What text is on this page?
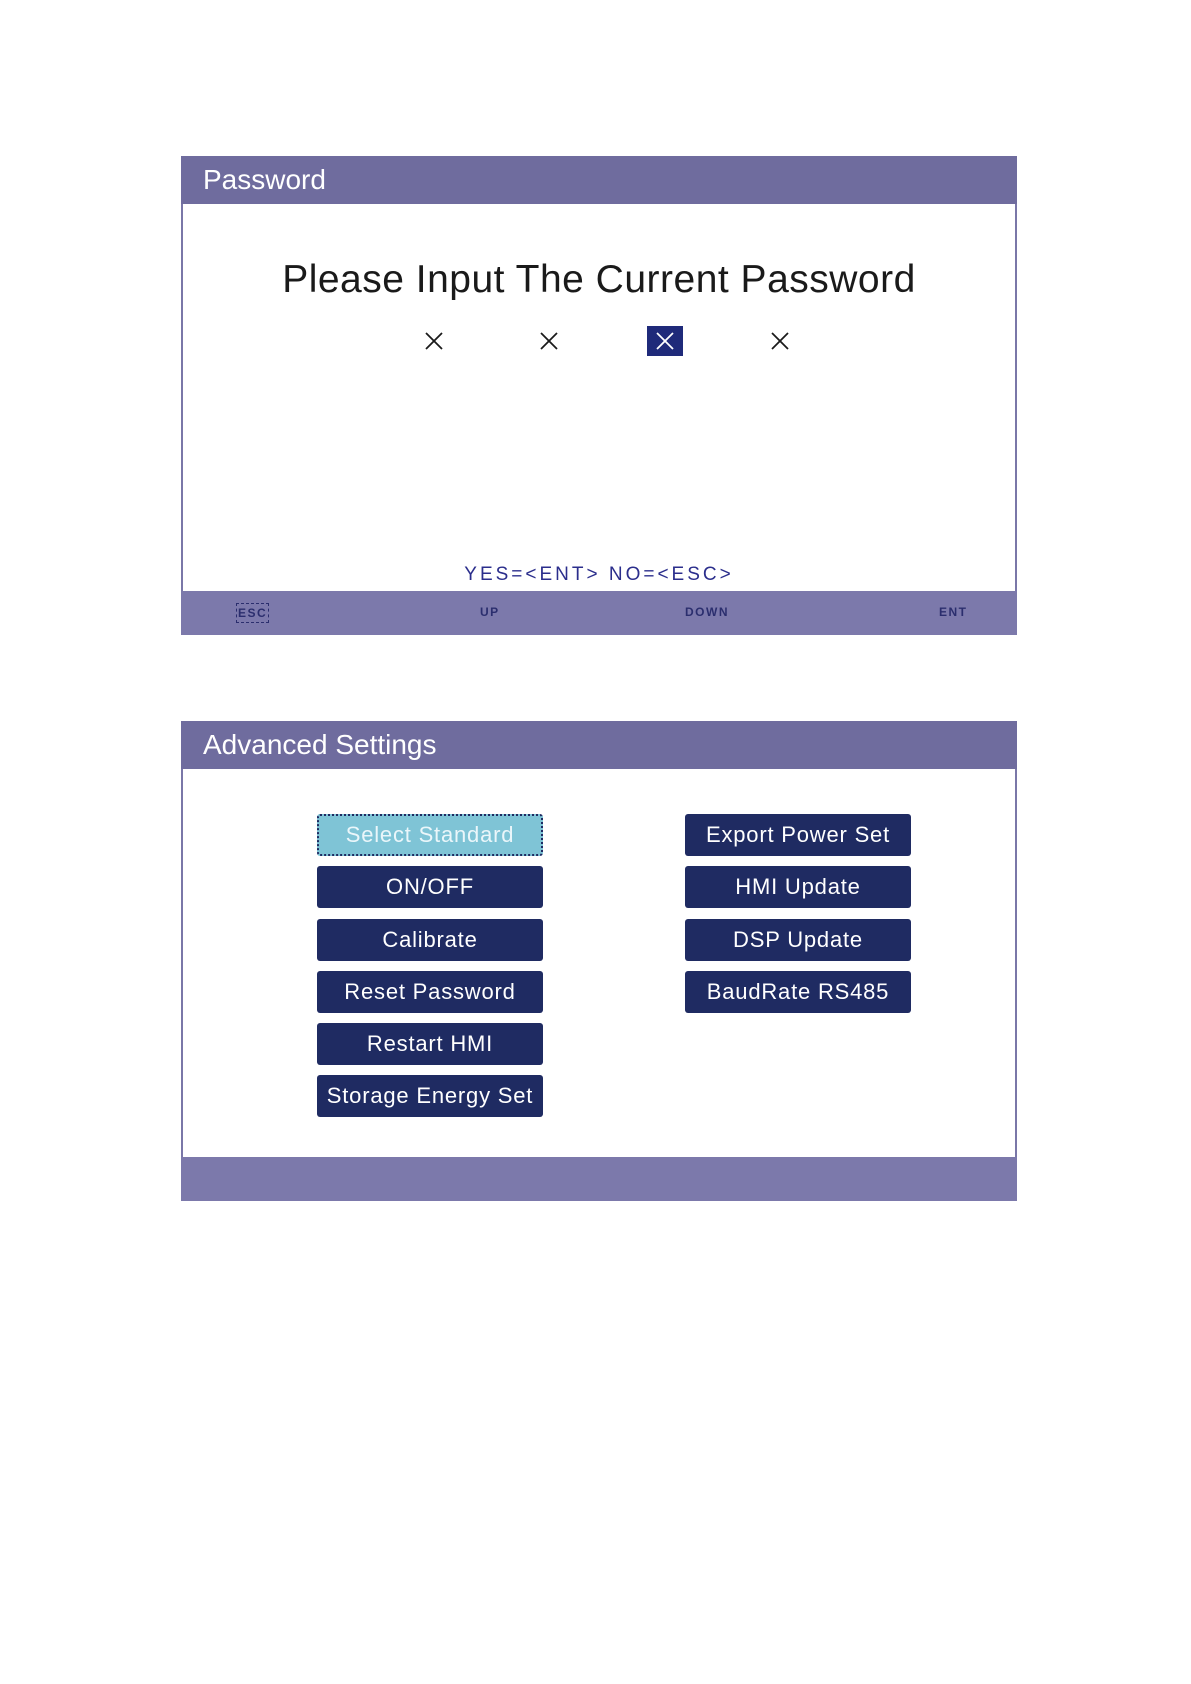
Password
Please Input The Current Password
YES=<ENT> NO=<ESC>
ESC	UP	DOWN	ENT
Advanced Settings
Select Standard
ON/OFF
Calibrate
Reset Password
Restart HMI
Storage Energy Set
Export Power Set
HMI Update
DSP Update
BaudRate RS485
